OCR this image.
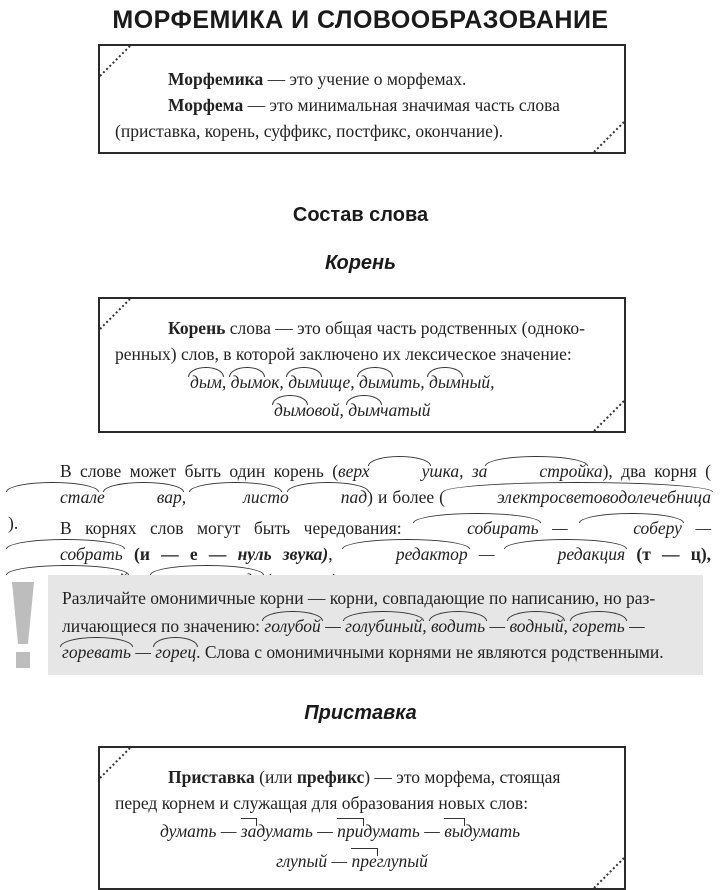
МОРФЕМИКА И СЛОВООБРАЗОВАНИЕ
Морфемика — это учение о морфемах.
Морфема — это минимальная значимая часть слова
(приставка, корень, суффикс, постфикс, окончание).
Состав слова
Корень
Корень слова — это общая часть родственных (одноко-
ренных) слов, в которой заключено их лексическое значение:
дым, дымок, дымище, дымить, дымный,
дымовой, дымчатый
В слове может быть один корень (верх	ушка, за	стройка), два корня (стале	вар,	листо	пад) и более (	электросветоводолечебница).	В корнях слов могут быть чередования:	собирать —	соберу — собрать (и — е — нуль звука),	редактор —	редакция (т — ц),
Различайте омонимичные корни — корни, совпадающие по написанию, но раз-
личающиеся по значению: голубой — голубиный, водить — водный, гореть —
горевать — горец. Слова с омонимичными корнями не являются родственными.
Приставка
Приставка (или префикс) — это морфема, стоящая
перед корнем и служащая для образования новых слов:
думать — задумать — придумать — выдумать
глупый — преглупый
